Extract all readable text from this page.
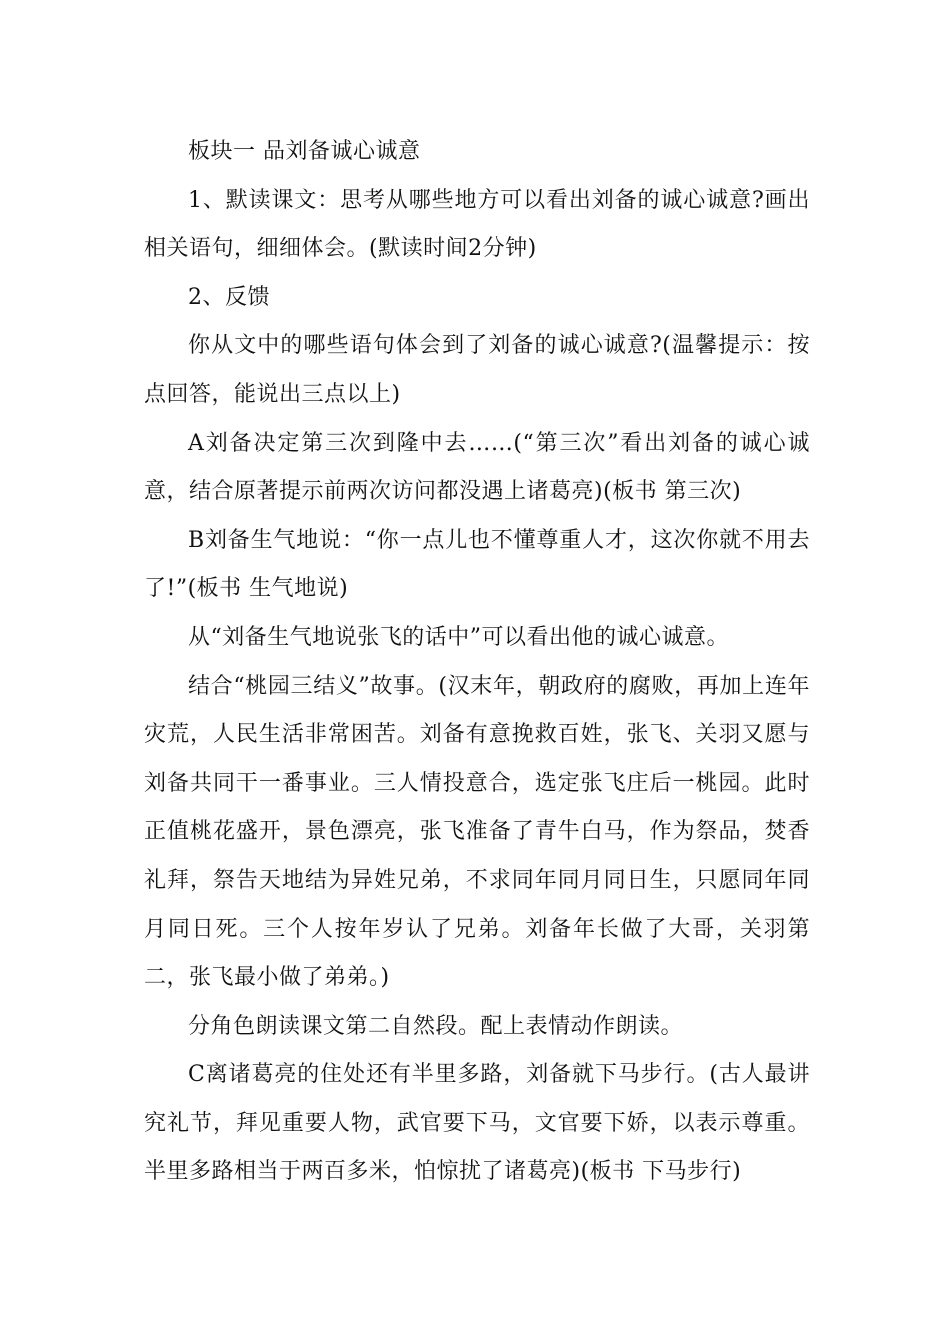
板块一 品刘备诚心诚意

1、默读课文：思考从哪些地方可以看出刘备的诚心诚意?画出相关语句，细细体会。(默读时间2分钟)

2、反馈

你从文中的哪些语句体会到了刘备的诚心诚意?(温馨提示：按点回答，能说出三点以上)

A刘备决定第三次到隆中去……(“第三次”看出刘备的诚心诚意，结合原著提示前两次访问都没遇上诸葛亮)(板书 第三次)

B刘备生气地说：“你一点儿也不懂尊重人才，这次你就不用去了!”(板书 生气地说)

从“刘备生气地说张飞的话中”可以看出他的诚心诚意。

结合“桃园三结义”故事。(汉末年，朝政府的腐败，再加上连年灾荒，人民生活非常困苦。刘备有意挽救百姓，张飞、关羽又愿与刘备共同干一番事业。三人情投意合，选定张飞庄后一桃园。此时正值桃花盛开，景色漂亮，张飞准备了青牛白马，作为祭品，焚香礼拜，祭告天地结为异姓兄弟，不求同年同月同日生，只愿同年同月同日死。三个人按年岁认了兄弟。刘备年长做了大哥，关羽第二，张飞最小做了弟弟。)

分角色朗读课文第二自然段。配上表情动作朗读。

C离诸葛亮的住处还有半里多路，刘备就下马步行。(古人最讲究礼节，拜见重要人物，武官要下马，文官要下娇，以表示尊重。半里多路相当于两百多米，怕惊扰了诸葛亮)(板书 下马步行)
